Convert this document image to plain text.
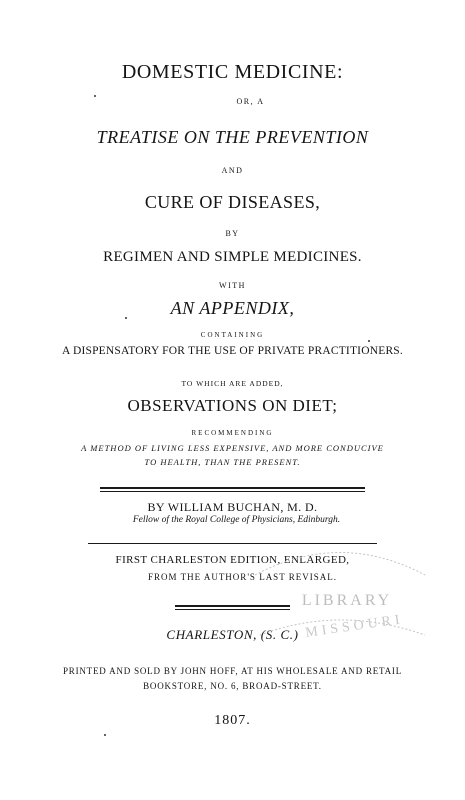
DOMESTIC MEDICINE:
OR, A
TREATISE ON THE PREVENTION
AND
CURE OF DISEASES,
BY
REGIMEN AND SIMPLE MEDICINES.
WITH
AN APPENDIX,
CONTAINING
A DISPENSATORY FOR THE USE OF PRIVATE PRACTITIONERS.
TO WHICH ARE ADDED,
OBSERVATIONS ON DIET;
RECOMMENDING
A METHOD OF LIVING LESS EXPENSIVE, AND MORE CONDUCIVE
TO HEALTH, THAN THE PRESENT.
BY WILLIAM BUCHAN, M. D.
Fellow of the Royal College of Physicians, Edinburgh.
FIRST CHARLESTON EDITION, ENLARGED,
FROM THE AUTHOR'S LAST REVISAL.
CHARLESTON, (S. C.)
PRINTED AND SOLD BY JOHN HOFF, AT HIS WHOLESALE AND RETAIL
BOOKSTORE, NO. 6, BROAD-STREET.
1807.
LIBRARY
MISSOURI
